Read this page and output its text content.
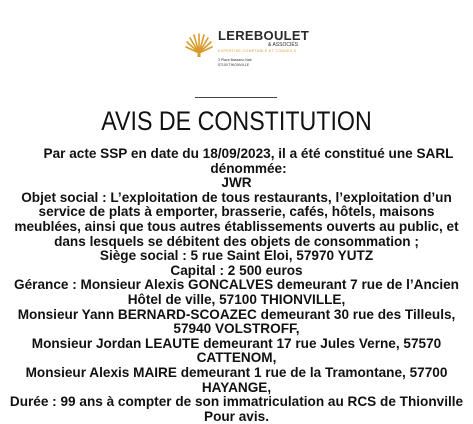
LEREBOULET
& ASSOCIÉS
EXPERTISE COMPTABLE ET CONSEILS
3 Place Bassano Naé
57100 THIONVILLE
AVIS DE CONSTITUTION

Par acte SSP en date du 18/09/2023, il a été constitué une SARL dénommée:

JWR

Objet social : L’exploitation de tous restaurants, l’exploitation d’un service de plats à emporter, brasserie, cafés, hôtels, maisons meublées, ainsi que tous autres établissements ouverts au public, et dans lesquels se débitent des objets de consommation ;

Siège social : 5 rue Saint Eloi, 57970 YUTZ

Capital : 2 500 euros

Gérance : Monsieur Alexis GONCALVES demeurant 7 rue de l’Ancien Hôtel de ville, 57100 THIONVILLE,

Monsieur Yann BERNARD-SCOAZEC demeurant 30 rue des Tilleuls, 57940 VOLSTROFF,

Monsieur Jordan LEAUTE demeurant 17 rue Jules Verne, 57570 CATTENOM,

Monsieur Alexis MAIRE demeurant 1 rue de la Tramontane, 57700 HAYANGE,

Durée : 99 ans à compter de son immatriculation au RCS de Thionville

Pour avis.
